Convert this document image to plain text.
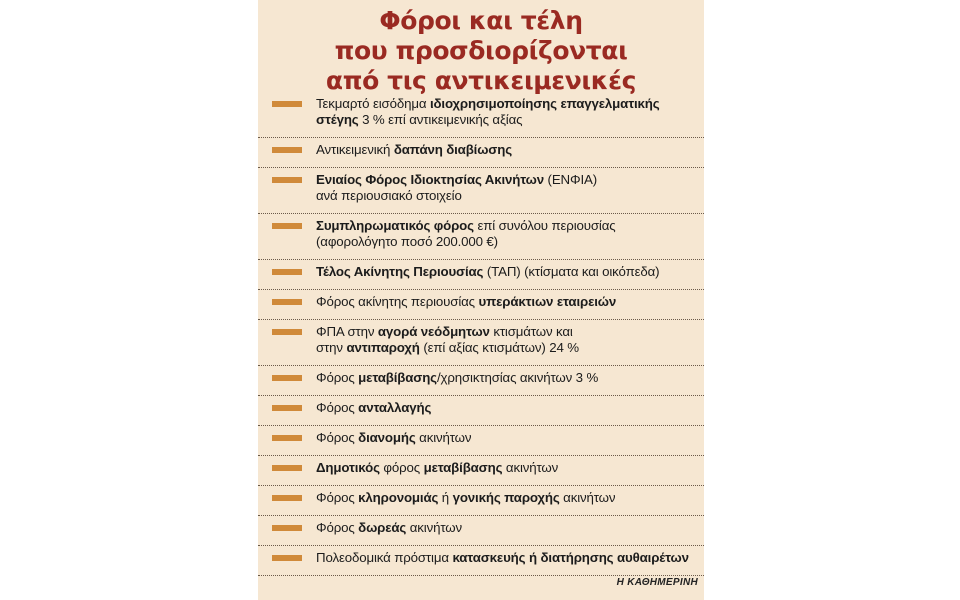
Φόροι και τέλη
που προσδιορίζονται
από τις αντικειμενικές
Τεκμαρτό εισόδημα ιδιοχρησιμοποίησης επαγγελματικής
στέγης 3 % επί αντικειμενικής αξίας
Αντικειμενική δαπάνη διαβίωσης
Ενιαίος Φόρος Ιδιοκτησίας Ακινήτων (ΕΝΦΙΑ)
ανά περιουσιακό στοιχείο
Συμπληρωματικός φόρος επί συνόλου περιουσίας
(αφορολόγητο ποσό 200.000 €)
Τέλος Ακίνητης Περιουσίας (ΤΑΠ) (κτίσματα και οικόπεδα)
Φόρος ακίνητης περιουσίας υπεράκτιων εταιρειών
ΦΠΑ στην αγορά νεόδμητων κτισμάτων και
στην αντιπαροχή (επί αξίας κτισμάτων) 24 %
Φόρος μεταβίβασης/χρησικτησίας ακινήτων 3 %
Φόρος ανταλλαγής
Φόρος διανομής ακινήτων
Δημοτικός φόρος μεταβίβασης ακινήτων
Φόρος κληρονομιάς ή γονικής παροχής ακινήτων
Φόρος δωρεάς ακινήτων
Πολεοδομικά πρόστιμα κατασκευής ή διατήρησης αυθαιρέτων
Η ΚΑΘΗΜΕΡΙΝΗ
